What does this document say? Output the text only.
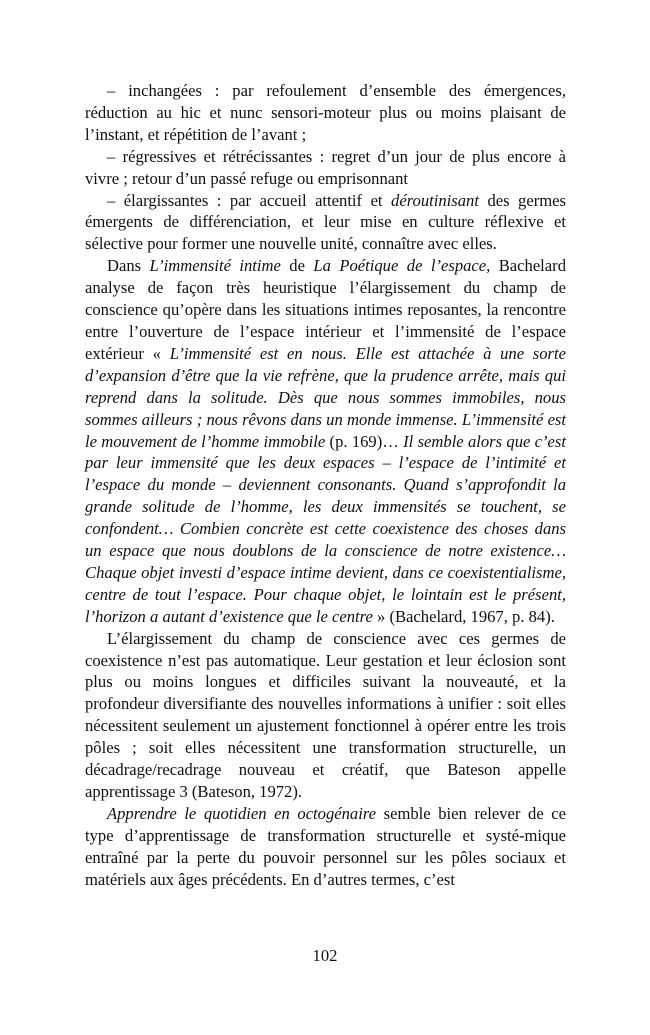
– inchangées : par refoulement d’ensemble des émergences, réduction au hic et nunc sensori-moteur plus ou moins plaisant de l’instant, et répétition de l’avant ;

– régressives et rétrécissantes : regret d’un jour de plus encore à vivre ; retour d’un passé refuge ou emprisonnant

– élargissantes : par accueil attentif et déroutinisant des germes émergents de différenciation, et leur mise en culture réflexive et sélective pour former une nouvelle unité, connaître avec elles.

Dans L’immensité intime de La Poétique de l’espace, Bachelard analyse de façon très heuristique l’élargissement du champ de conscience qu’opère dans les situations intimes reposantes, la rencontre entre l’ouverture de l’espace intérieur et l’immensité de l’espace extérieur « L’immensité est en nous. Elle est attachée à une sorte d’expansion d’être que la vie refrène, que la prudence arrête, mais qui reprend dans la solitude. Dès que nous sommes immobiles, nous sommes ailleurs ; nous rêvons dans un monde immense. L’immensité est le mouvement de l’homme immobile (p. 169)… Il semble alors que c’est par leur immensité que les deux espaces – l’espace de l’intimité et l’espace du monde – deviennent consonants. Quand s’approfondit la grande solitude de l’homme, les deux immensités se touchent, se confondent… Combien concrète est cette coexistence des choses dans un espace que nous doublons de la conscience de notre existence… Chaque objet investi d’espace intime devient, dans ce coexistentialisme, centre de tout l’espace. Pour chaque objet, le lointain est le présent, l’horizon a autant d’existence que le centre » (Bachelard, 1967, p. 84).

L’élargissement du champ de conscience avec ces germes de coexistence n’est pas automatique. Leur gestation et leur éclosion sont plus ou moins longues et difficiles suivant la nouveauté, et la profondeur diversifiante des nouvelles informations à unifier : soit elles nécessitent seulement un ajustement fonctionnel à opérer entre les trois pôles ; soit elles nécessitent une transformation structurelle, un décadrage/recadrage nouveau et créatif, que Bateson appelle apprentissage 3 (Bateson, 1972).

Apprendre le quotidien en octogénaire semble bien relever de ce type d’apprentissage de transformation structurelle et systé-mique entraîné par la perte du pouvoir personnel sur les pôles sociaux et matériels aux âges précédents. En d’autres termes, c’est

102
